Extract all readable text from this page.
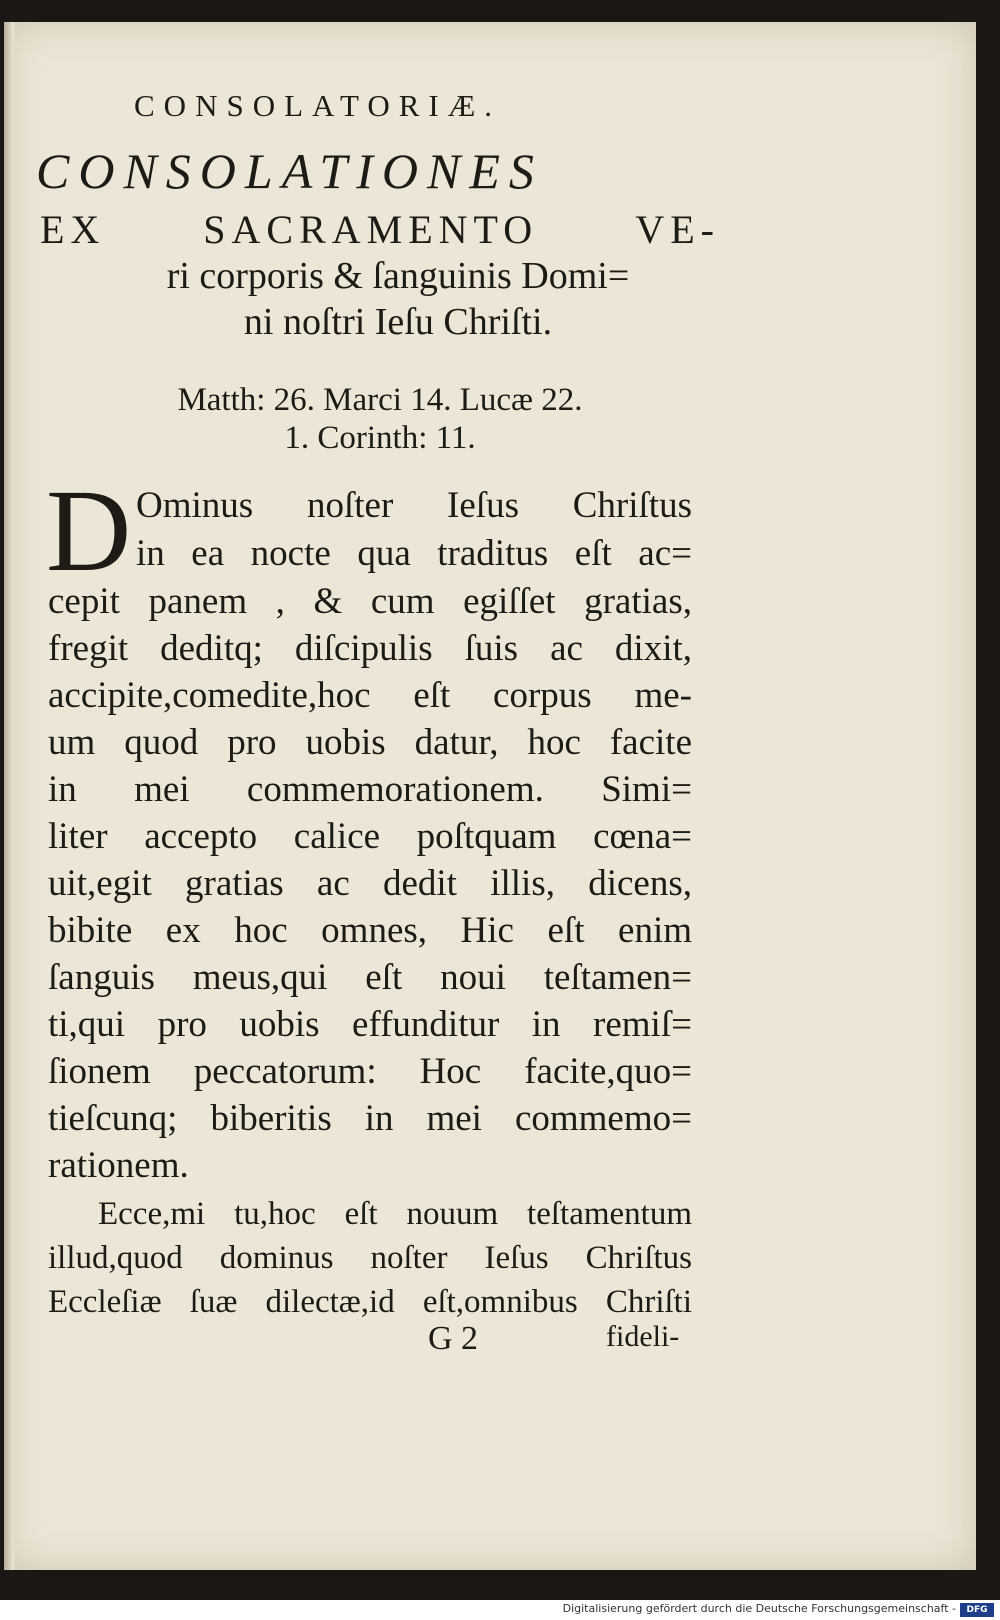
CONSOLATORIÆ.
CONSOLATIONES
EX SACRAMENTO VE-
ri corporis & ſanguinis Domi=
ni noſtri Ieſu Chriſti.
Matth: 26. Marci 14. Lucæ 22.
1. Corinth: 11.
D Ominus noſter Ieſus Chriſtus
in ea nocte qua traditus eſt ac=
cepit panem , & cum egiſſet gratias,
fregit deditq; diſcipulis ſuis ac dixit,
accipite,comedite,hoc eſt corpus me-
um quod pro uobis datur, hoc facite
in mei commemorationem. Simi=
liter accepto calice poſtquam cœna=
uit,egit gratias ac dedit illis, dicens,
bibite ex hoc omnes, Hic eſt enim
ſanguis meus,qui eſt noui teſtamen=
ti,qui pro uobis effunditur in remiſ=
ſionem peccatorum: Hoc facite,quo=
tieſcunq; biberitis in mei commemo=
rationem.
Ecce,mi tu,hoc eſt nouum teſtamentum
illud,quod dominus noſter Ieſus Chriſtus
Eccleſiæ ſuæ dilectæ,id eſt,omnibus Chriſti
G 2	fideli-
Digitalisierung gefördert durch die Deutsche Forschungsgemeinschaft -	DFG
